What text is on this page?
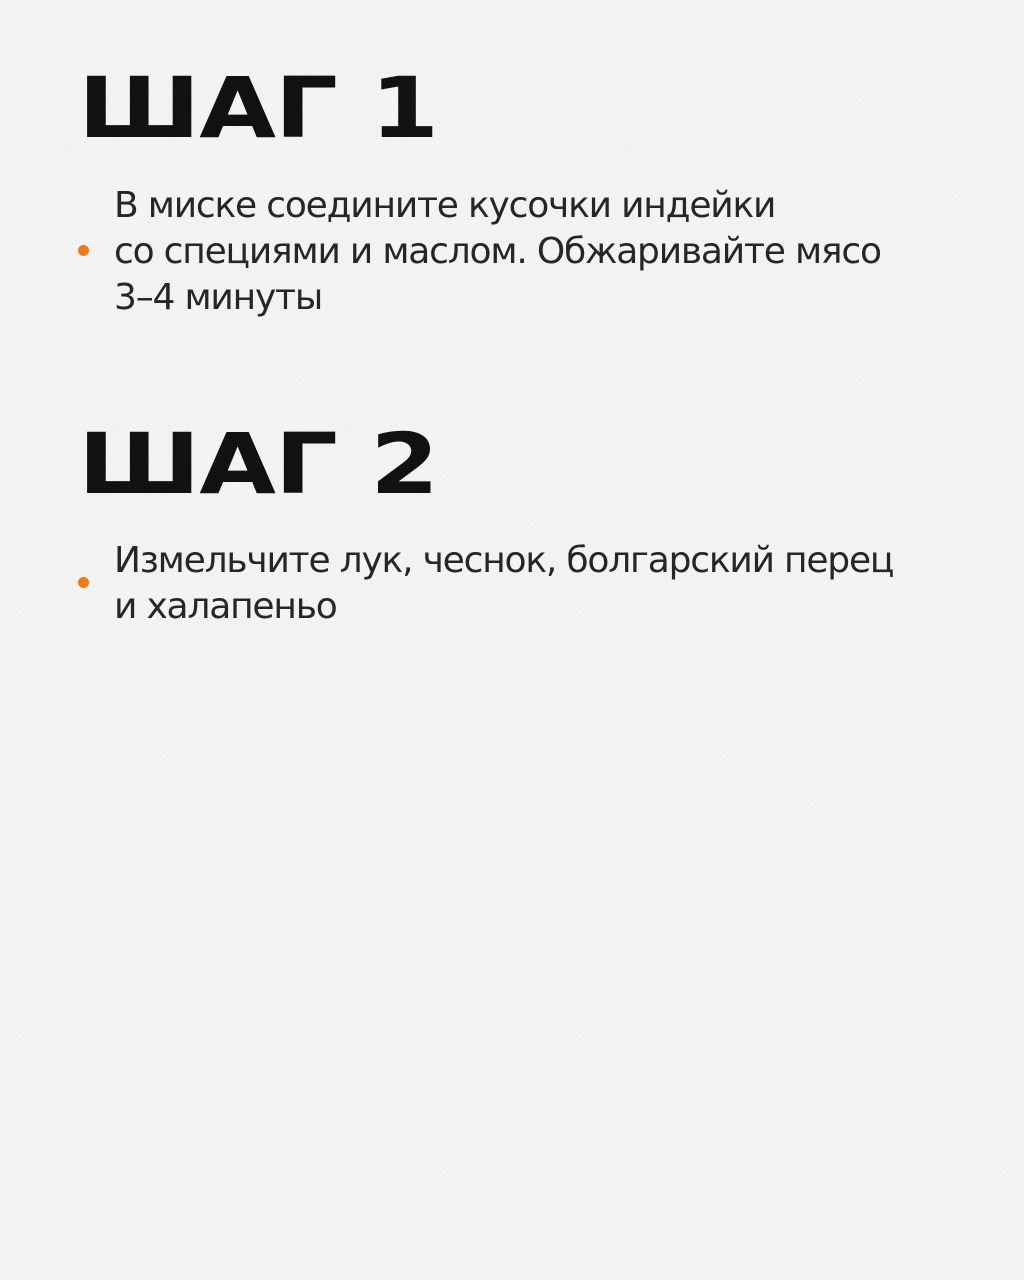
ШАГ 1

В миске соедините кусочки индейки
со специями и маслом. Обжаривайте мясо
3–4 минуты

ШАГ 2

Измельчите лук, чеснок, болгарский перец
и халапеньо
